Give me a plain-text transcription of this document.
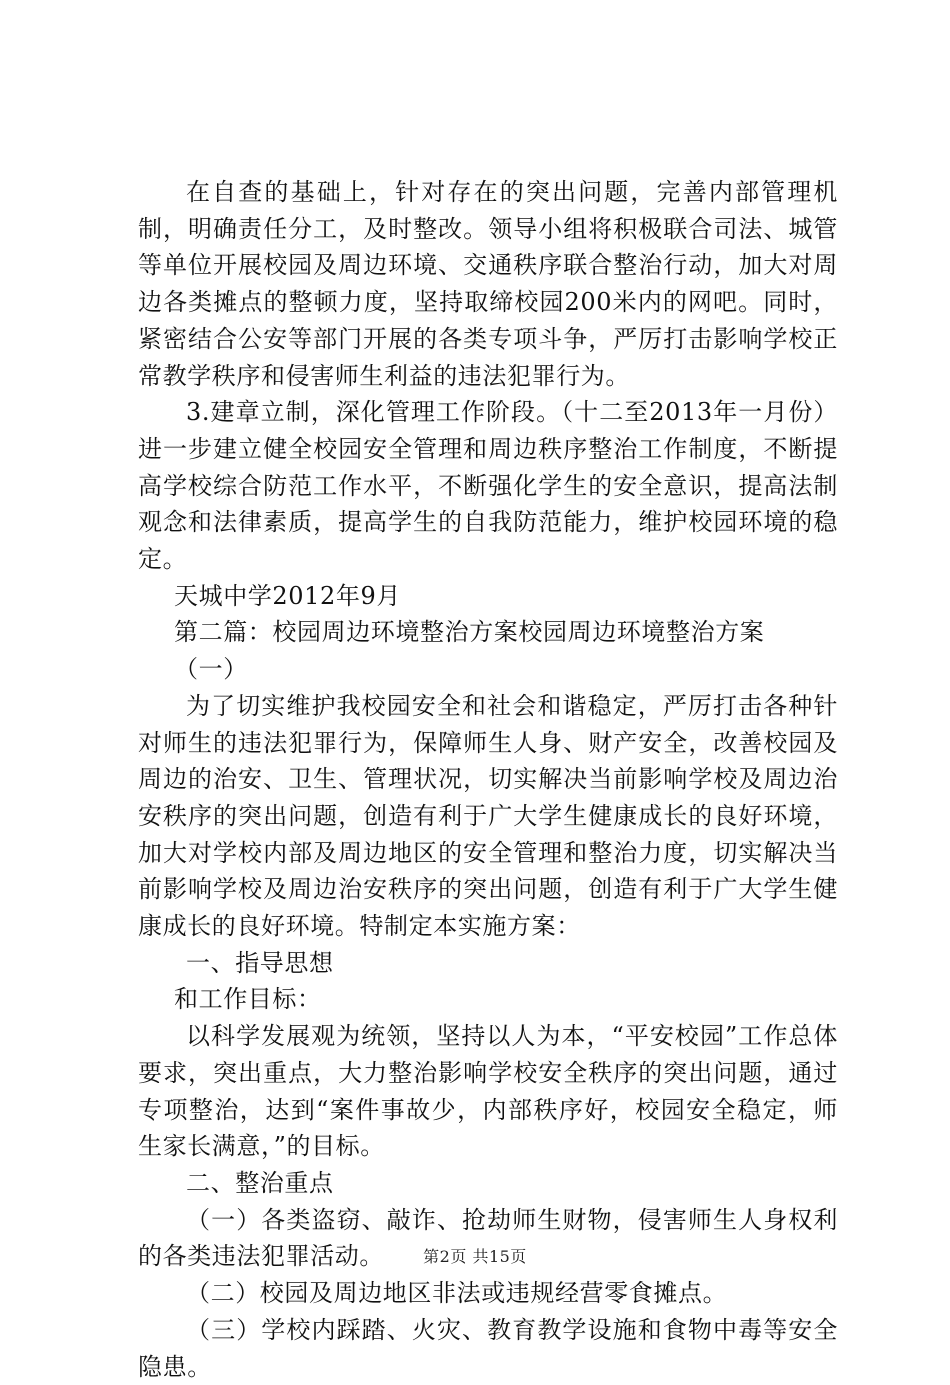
在自查的基础上，针对存在的突出问题，完善内部管理机制，明确责任分工，及时整改。领导小组将积极联合司法、城管等单位开展校园及周边环境、交通秩序联合整治行动，加大对周边各类摊点的整顿力度，坚持取缔校园200米内的网吧。同时，紧密结合公安等部门开展的各类专项斗争，严厉打击影响学校正常教学秩序和侵害师生利益的违法犯罪行为。

3.建章立制，深化管理工作阶段。（十二至2013年一月份）进一步建立健全校园安全管理和周边秩序整治工作制度，不断提高学校综合防范工作水平，不断强化学生的安全意识，提高法制观念和法律素质，提高学生的自我防范能力，维护校园环境的稳定。

天城中学2012年9月

第二篇：校园周边环境整治方案校园周边环境整治方案

（一）

为了切实维护我校园安全和社会和谐稳定，严厉打击各种针对师生的违法犯罪行为，保障师生人身、财产安全，改善校园及周边的治安、卫生、管理状况，切实解决当前影响学校及周边治安秩序的突出问题，创造有利于广大学生健康成长的良好环境，加大对学校内部及周边地区的安全管理和整治力度，切实解决当前影响学校及周边治安秩序的突出问题，创造有利于广大学生健康成长的良好环境。特制定本实施方案：

一、指导思想

和工作目标：

以科学发展观为统领，坚持以人为本，“平安校园”工作总体要求，突出重点，大力整治影响学校安全秩序的突出问题，通过专项整治，达到“案件事故少，内部秩序好，校园安全稳定，师生家长满意，”的目标。

二、整治重点

（一）各类盗窃、敲诈、抢劫师生财物，侵害师生人身权利的各类违法犯罪活动。

（二）校园及周边地区非法或违规经营零食摊点。

（三）学校内踩踏、火灾、教育教学设施和食物中毒等安全隐患。

第2页 共15页
